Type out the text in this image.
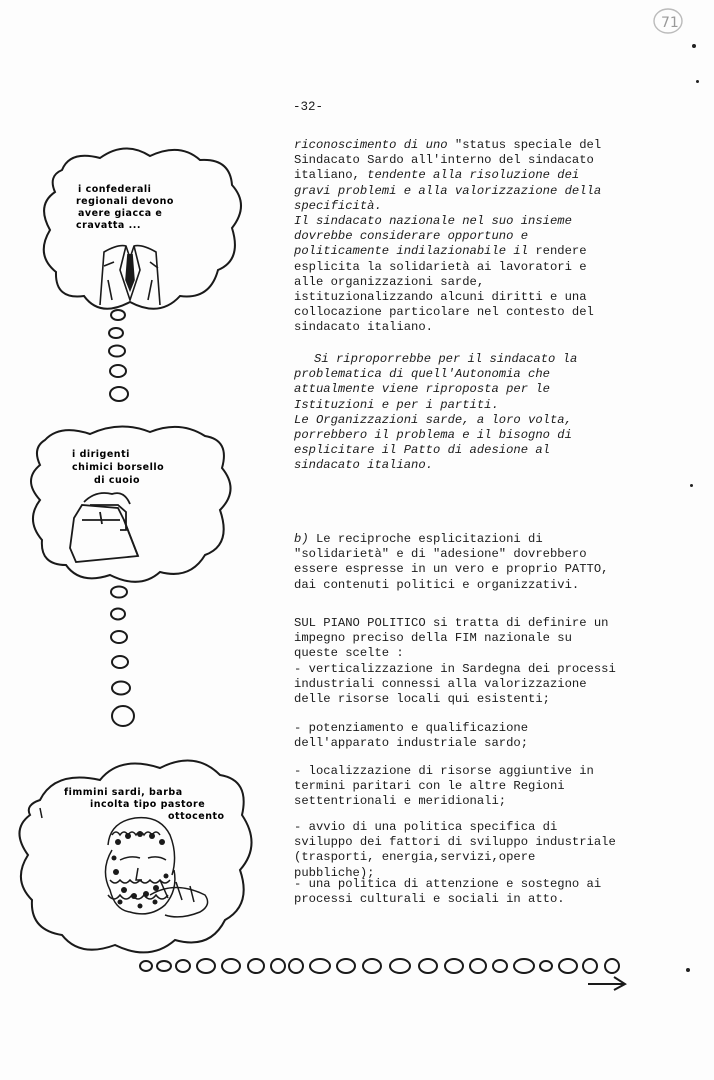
71
-32-
i confederali
regionali devono
avere giacca e
cravatta ...
i dirigenti
chimici borsello
di cuoio
fimmini sardi, barba
incolta tipo pastore
ottocento

riconoscimento di uno "status speciale del Sindacato Sardo all'interno del sindacato italiano, tendente alla risoluzione dei gravi problemi e alla valorizzazione della specificità.

Il sindacato nazionale nel suo insieme dovrebbe considerare opportuno e politicamente indilazionabile il rendere esplicita la solidarietà ai lavoratori e alle organizzazioni sarde, istituzionalizzando alcuni diritti e una collocazione particolare nel contesto del sindacato italiano.

Si riproporrebbe per il sindacato la problematica di quell'Autonomia che attualmente viene riproposta per le Istituzioni e per i partiti.

Le Organizzazioni sarde, a loro volta, porrebbero il problema e il bisogno di esplicitare il Patto di adesione al sindacato italiano.

b) Le reciproche esplicitazioni di "solidarietà" e di "adesione" dovrebbero essere espresse in un vero e proprio PATTO, dai contenuti politici e organizzativi.

SUL PIANO POLITICO si tratta di definire un impegno preciso della FIM nazionale su queste scelte :

- verticalizzazione in Sardegna dei processi industriali connessi alla valorizzazione delle risorse locali qui esistenti;

- potenziamento e qualificazione dell'apparato industriale sardo;

- localizzazione di risorse aggiuntive in termini paritari con le altre Regioni settentrionali e meridionali;

- avvio di una politica specifica di sviluppo dei fattori di sviluppo industriale (trasporti, energia,servizi,opere pubbliche);

- una politica di attenzione e sostegno ai processi culturali e sociali in atto.
